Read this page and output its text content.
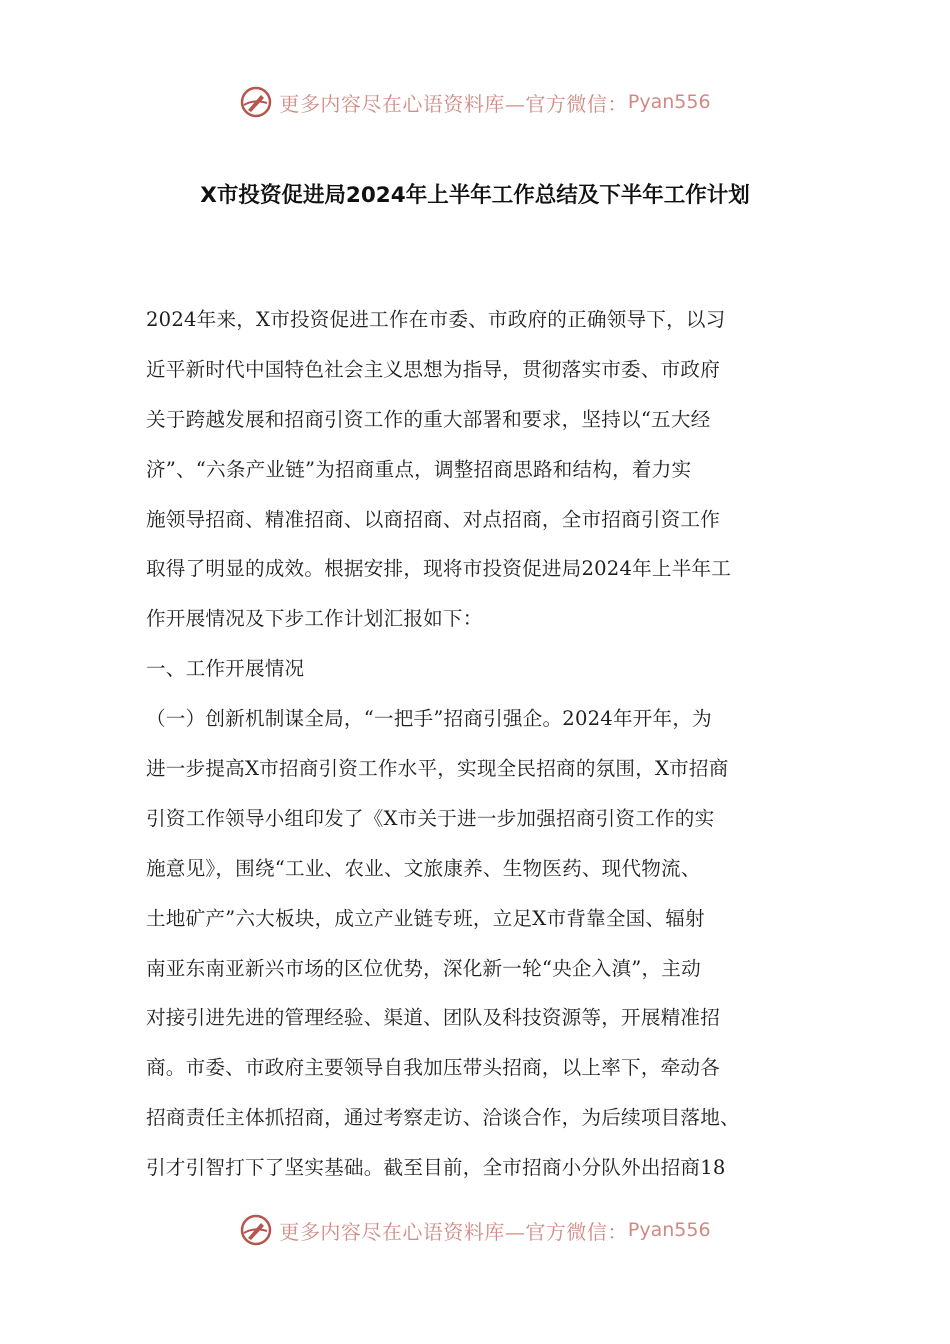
更多内容尽在心语资料库—官方微信： Pyan556
X市投资促进局2024年上半年工作总结及下半年工作计划
2024年来，X市投资促进工作在市委、市政府的正确领导下，以习
近平新时代中国特色社会主义思想为指导，贯彻落实市委、市政府
关于跨越发展和招商引资工作的重大部署和要求，坚持以“五大经
济”、“六条产业链”为招商重点，调整招商思路和结构，着力实
施领导招商、精准招商、以商招商、对点招商，全市招商引资工作
取得了明显的成效。根据安排，现将市投资促进局2024年上半年工
作开展情况及下步工作计划汇报如下：
一、工作开展情况
（一）创新机制谋全局，“一把手”招商引强企。2024年开年，为
进一步提高X市招商引资工作水平，实现全民招商的氛围，X市招商
引资工作领导小组印发了《X市关于进一步加强招商引资工作的实
施意见》，围绕“工业、农业、文旅康养、生物医药、现代物流、
土地矿产”六大板块，成立产业链专班，立足X市背靠全国、辐射
南亚东南亚新兴市场的区位优势，深化新一轮“央企入滇”，主动
对接引进先进的管理经验、渠道、团队及科技资源等，开展精准招
商。市委、市政府主要领导自我加压带头招商，以上率下，牵动各
招商责任主体抓招商，通过考察走访、洽谈合作，为后续项目落地、
引才引智打下了坚实基础。截至目前，全市招商小分队外出招商18
更多内容尽在心语资料库—官方微信： Pyan556
